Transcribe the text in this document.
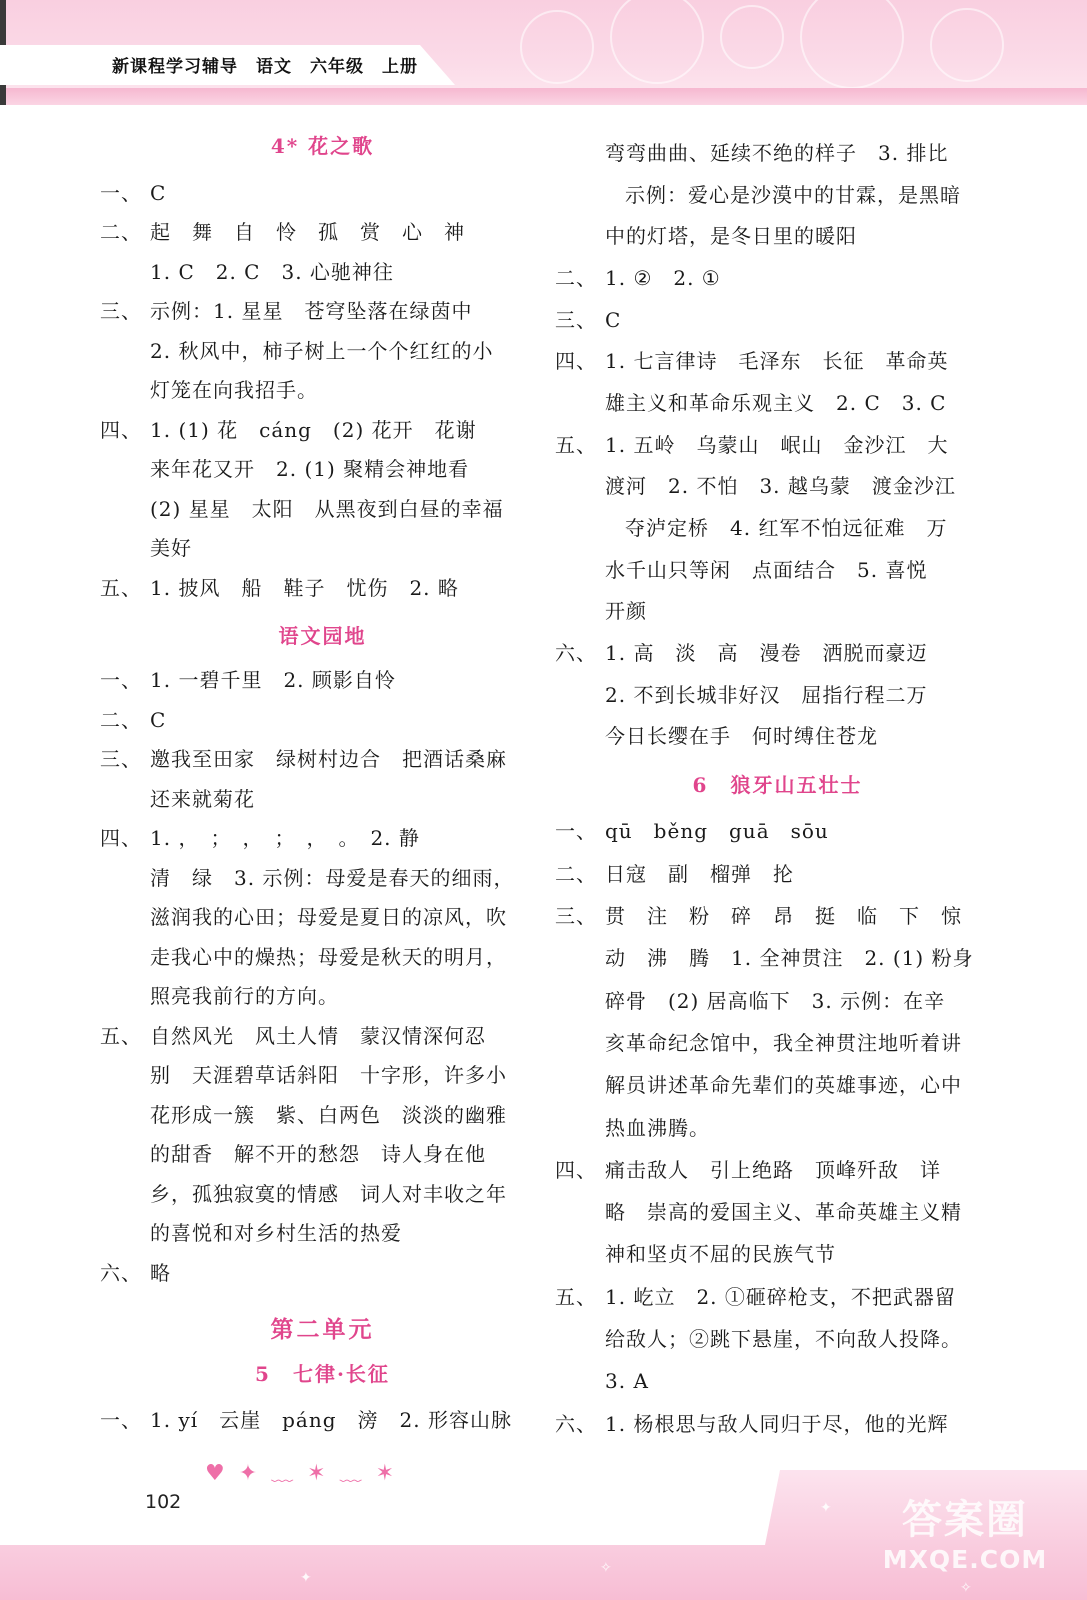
新课程学习辅导　语文　六年级　上册
4* 花之歌
一、 C
二、 起　舞　自　怜　孤　赏　心　神
1. C　2. C　3. 心驰神往
三、 示例：1. 星星　苍穹坠落在绿茵中
2. 秋风中，柿子树上一个个红红的小
灯笼在向我招手。
四、 1. (1) 花　cáng　(2) 花开　花谢
来年花又开　2. (1) 聚精会神地看
(2) 星星　太阳　从黑夜到白昼的幸福
美好
五、 1. 披风　船　鞋子　忧伤　2. 略
语文园地
一、 1. 一碧千里　2. 顾影自怜
二、 C
三、 邀我至田家　绿树村边合　把酒话桑麻
还来就菊花
四、 1. ，　；　，　；　，　。　2. 静
清　绿　3. 示例：母爱是春天的细雨，
滋润我的心田；母爱是夏日的凉风，吹
走我心中的燥热；母爱是秋天的明月，
照亮我前行的方向。
五、 自然风光　风土人情　蒙汉情深何忍
别　天涯碧草话斜阳　十字形，许多小
花形成一簇　紫、白两色　淡淡的幽雅
的甜香　解不开的愁怨　诗人身在他
乡，孤独寂寞的情感　词人对丰收之年
的喜悦和对乡村生活的热爱
六、 略
第二单元
5　七律·长征
一、 1. yí　云崖　páng　滂　2. 形容山脉
弯弯曲曲、延续不绝的样子　3. 排比
示例：爱心是沙漠中的甘霖，是黑暗
中的灯塔，是冬日里的暖阳
二、 1. ②　2. ①
三、 C
四、 1. 七言律诗　毛泽东　长征　革命英
雄主义和革命乐观主义　2. C　3. C
五、 1. 五岭　乌蒙山　岷山　金沙江　大
渡河　2. 不怕　3. 越乌蒙　渡金沙江
夺泸定桥　4. 红军不怕远征难　万
水千山只等闲　点面结合　5. 喜悦
开颜
六、 1. 高　淡　高　漫卷　洒脱而豪迈
2. 不到长城非好汉　屈指行程二万
今日长缨在手　何时缚住苍龙
6　狼牙山五壮士
一、 qū　běng　guā　sōu
二、 日寇　副　榴弹　抡
三、 贯　注　粉　碎　昂　挺　临　下　惊
动　沸　腾　1. 全神贯注　2. (1) 粉身
碎骨　(2) 居高临下　3. 示例：在辛
亥革命纪念馆中，我全神贯注地听着讲
解员讲述革命先辈们的英雄事迹，心中
热血沸腾。
四、 痛击敌人　引上绝路　顶峰歼敌　详
略　崇高的爱国主义、革命英雄主义精
神和坚贞不屈的民族气节
五、 1. 屹立　2. ①砸碎枪支，不把武器留
给敌人；②跳下悬崖，不向敌人投降。
3. A
六、 1. 杨根思与敌人同归于尽，他的光辉
♥✦﹏✶﹏✶
✦
✧
✦
✧
102	答案圈
MXQE.COM
